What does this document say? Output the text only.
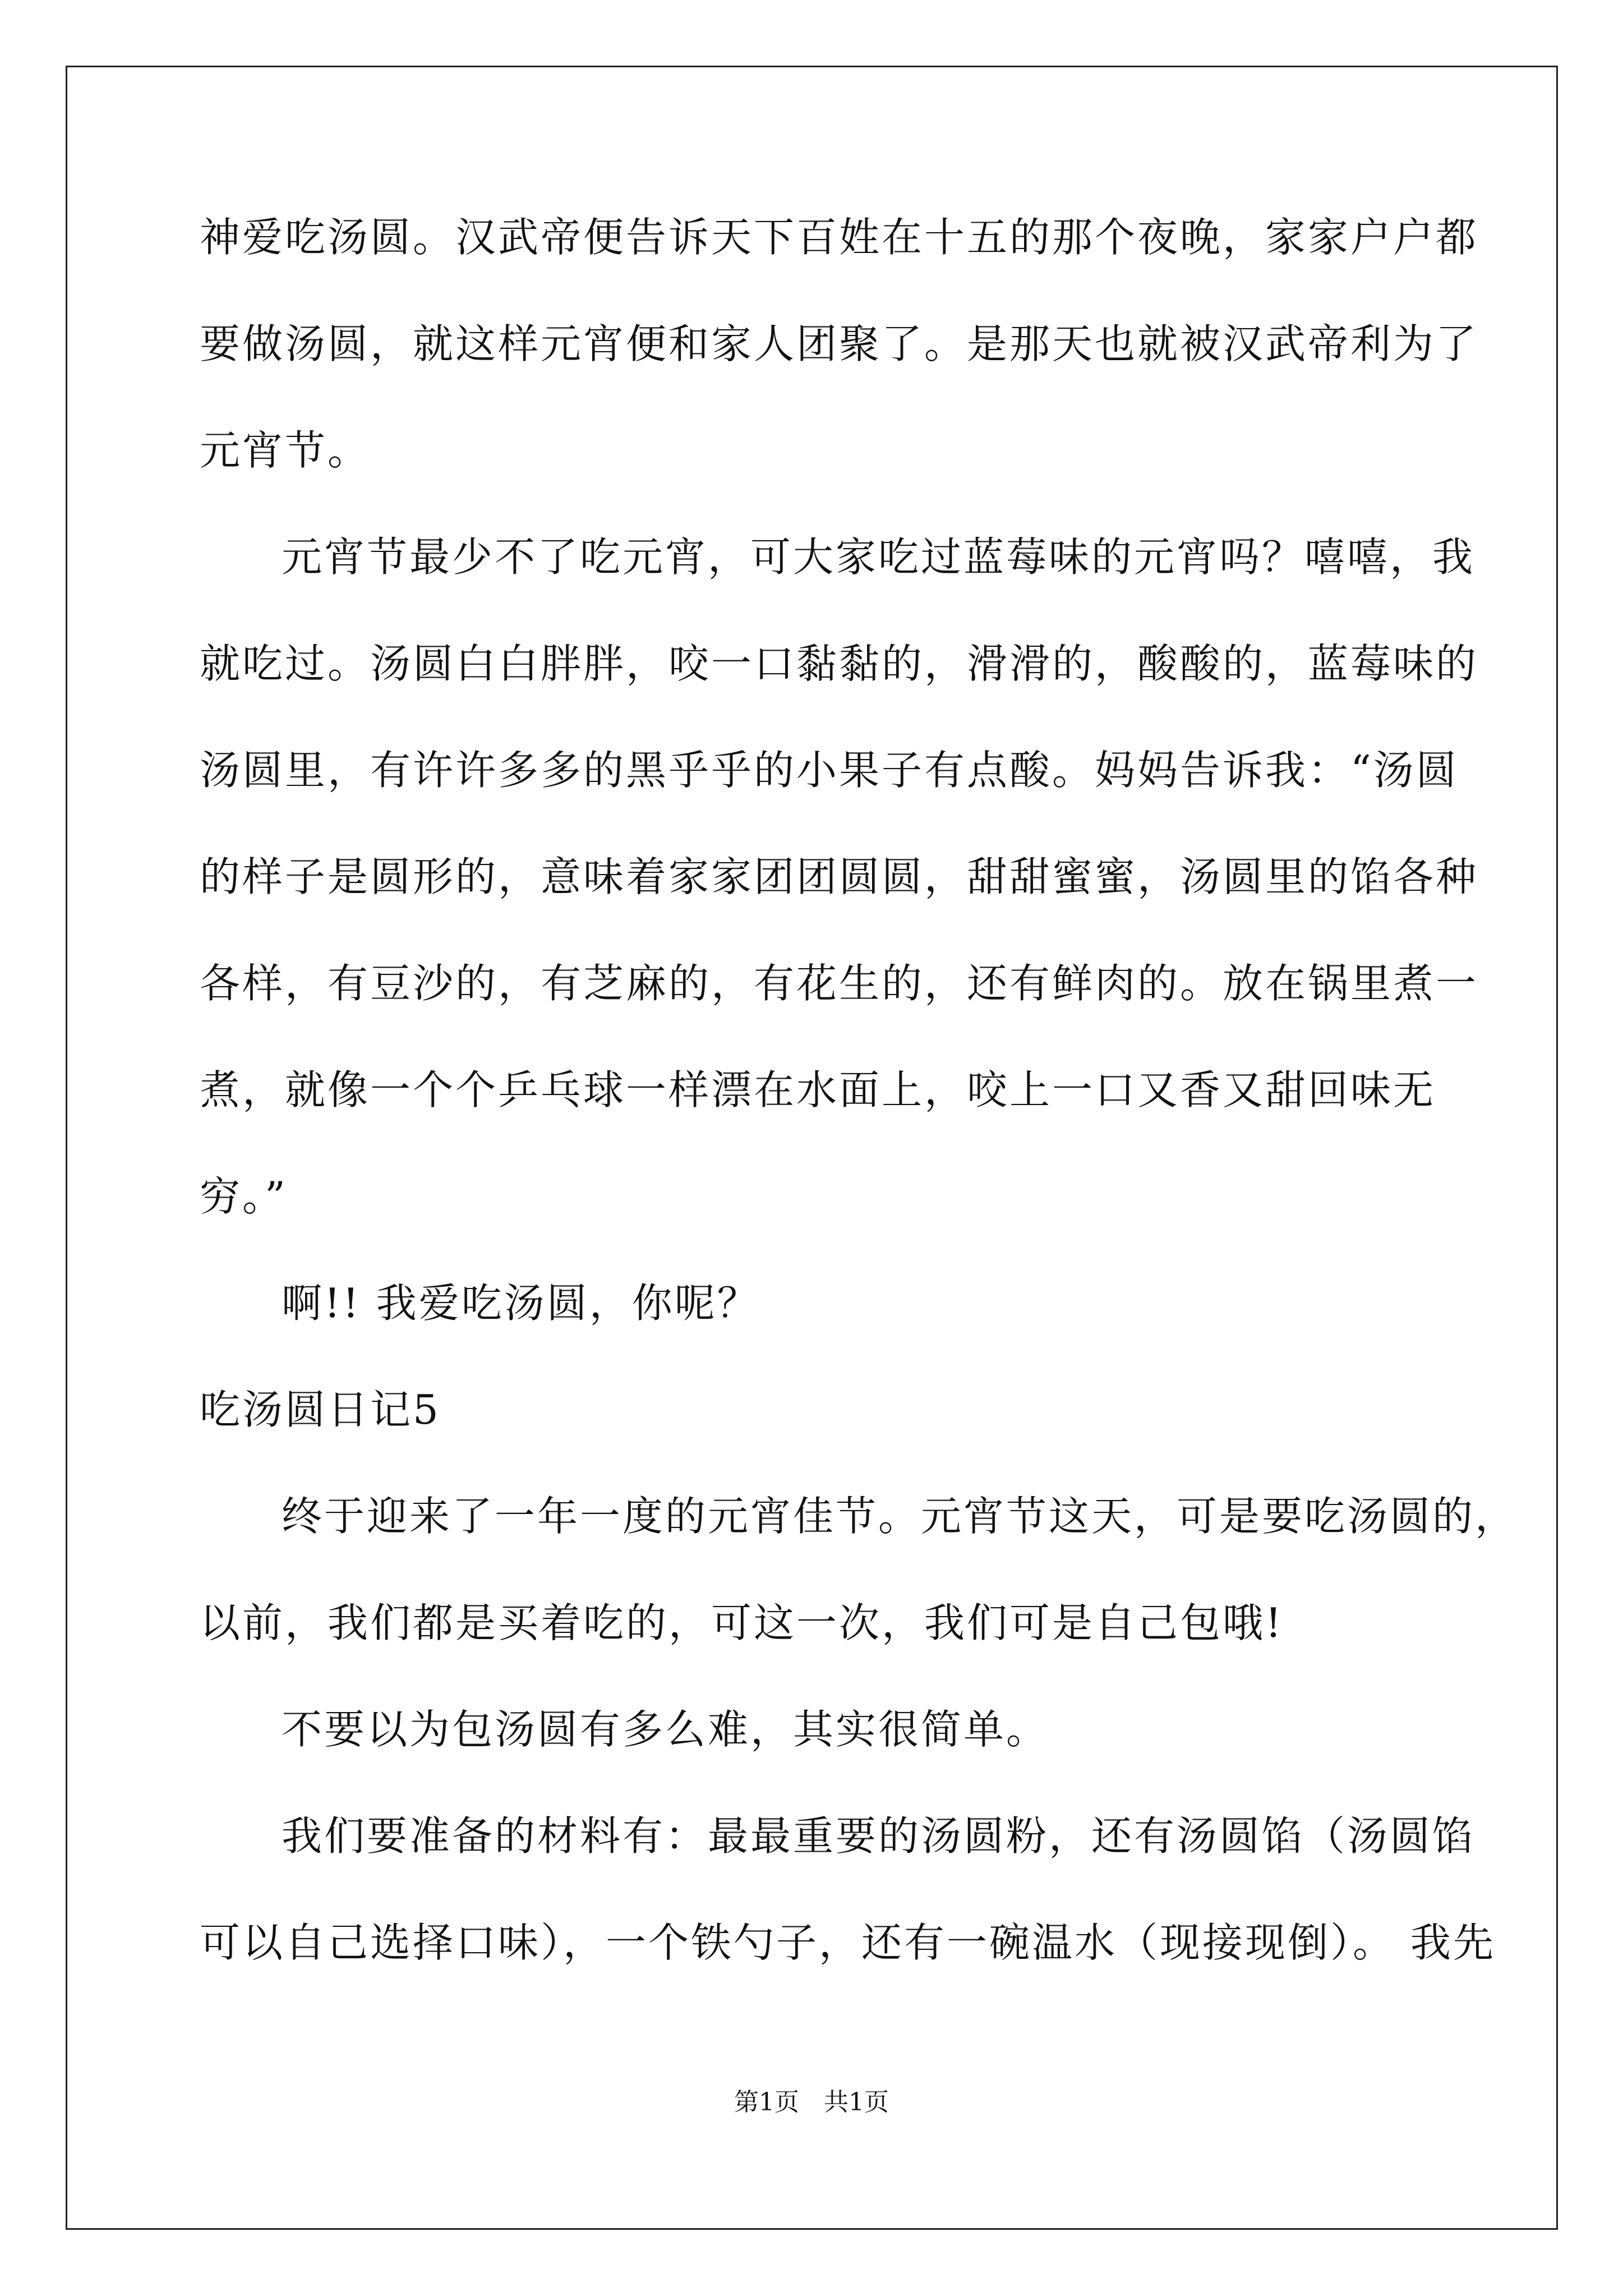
神爱吃汤圆。汉武帝便告诉天下百姓在十五的那个夜晚，家家户户都
要做汤圆，就这样元宵便和家人团聚了。是那天也就被汉武帝利为了
元宵节。
元宵节最少不了吃元宵，可大家吃过蓝莓味的元宵吗？嘻嘻，我
就吃过。汤圆白白胖胖，咬一口黏黏的，滑滑的，酸酸的，蓝莓味的
汤圆里，有许许多多的黑乎乎的小果子有点酸。妈妈告诉我：“汤圆
的样子是圆形的，意味着家家团团圆圆，甜甜蜜蜜，汤圆里的馅各种
各样，有豆沙的，有芝麻的，有花生的，还有鲜肉的。放在锅里煮一
煮，就像一个个乒乓球一样漂在水面上，咬上一口又香又甜回味无
穷。”
啊!! 我爱吃汤圆，你呢？
吃汤圆日记5
终于迎来了一年一度的元宵佳节。元宵节这天，可是要吃汤圆的，
以前，我们都是买着吃的，可这一次，我们可是自己包哦!
不要以为包汤圆有多么难，其实很简单。
我们要准备的材料有：最最重要的汤圆粉，还有汤圆馅（汤圆馅
可以自己选择口味），一个铁勺子，还有一碗温水（现接现倒）。 我先
第1页 共1页
